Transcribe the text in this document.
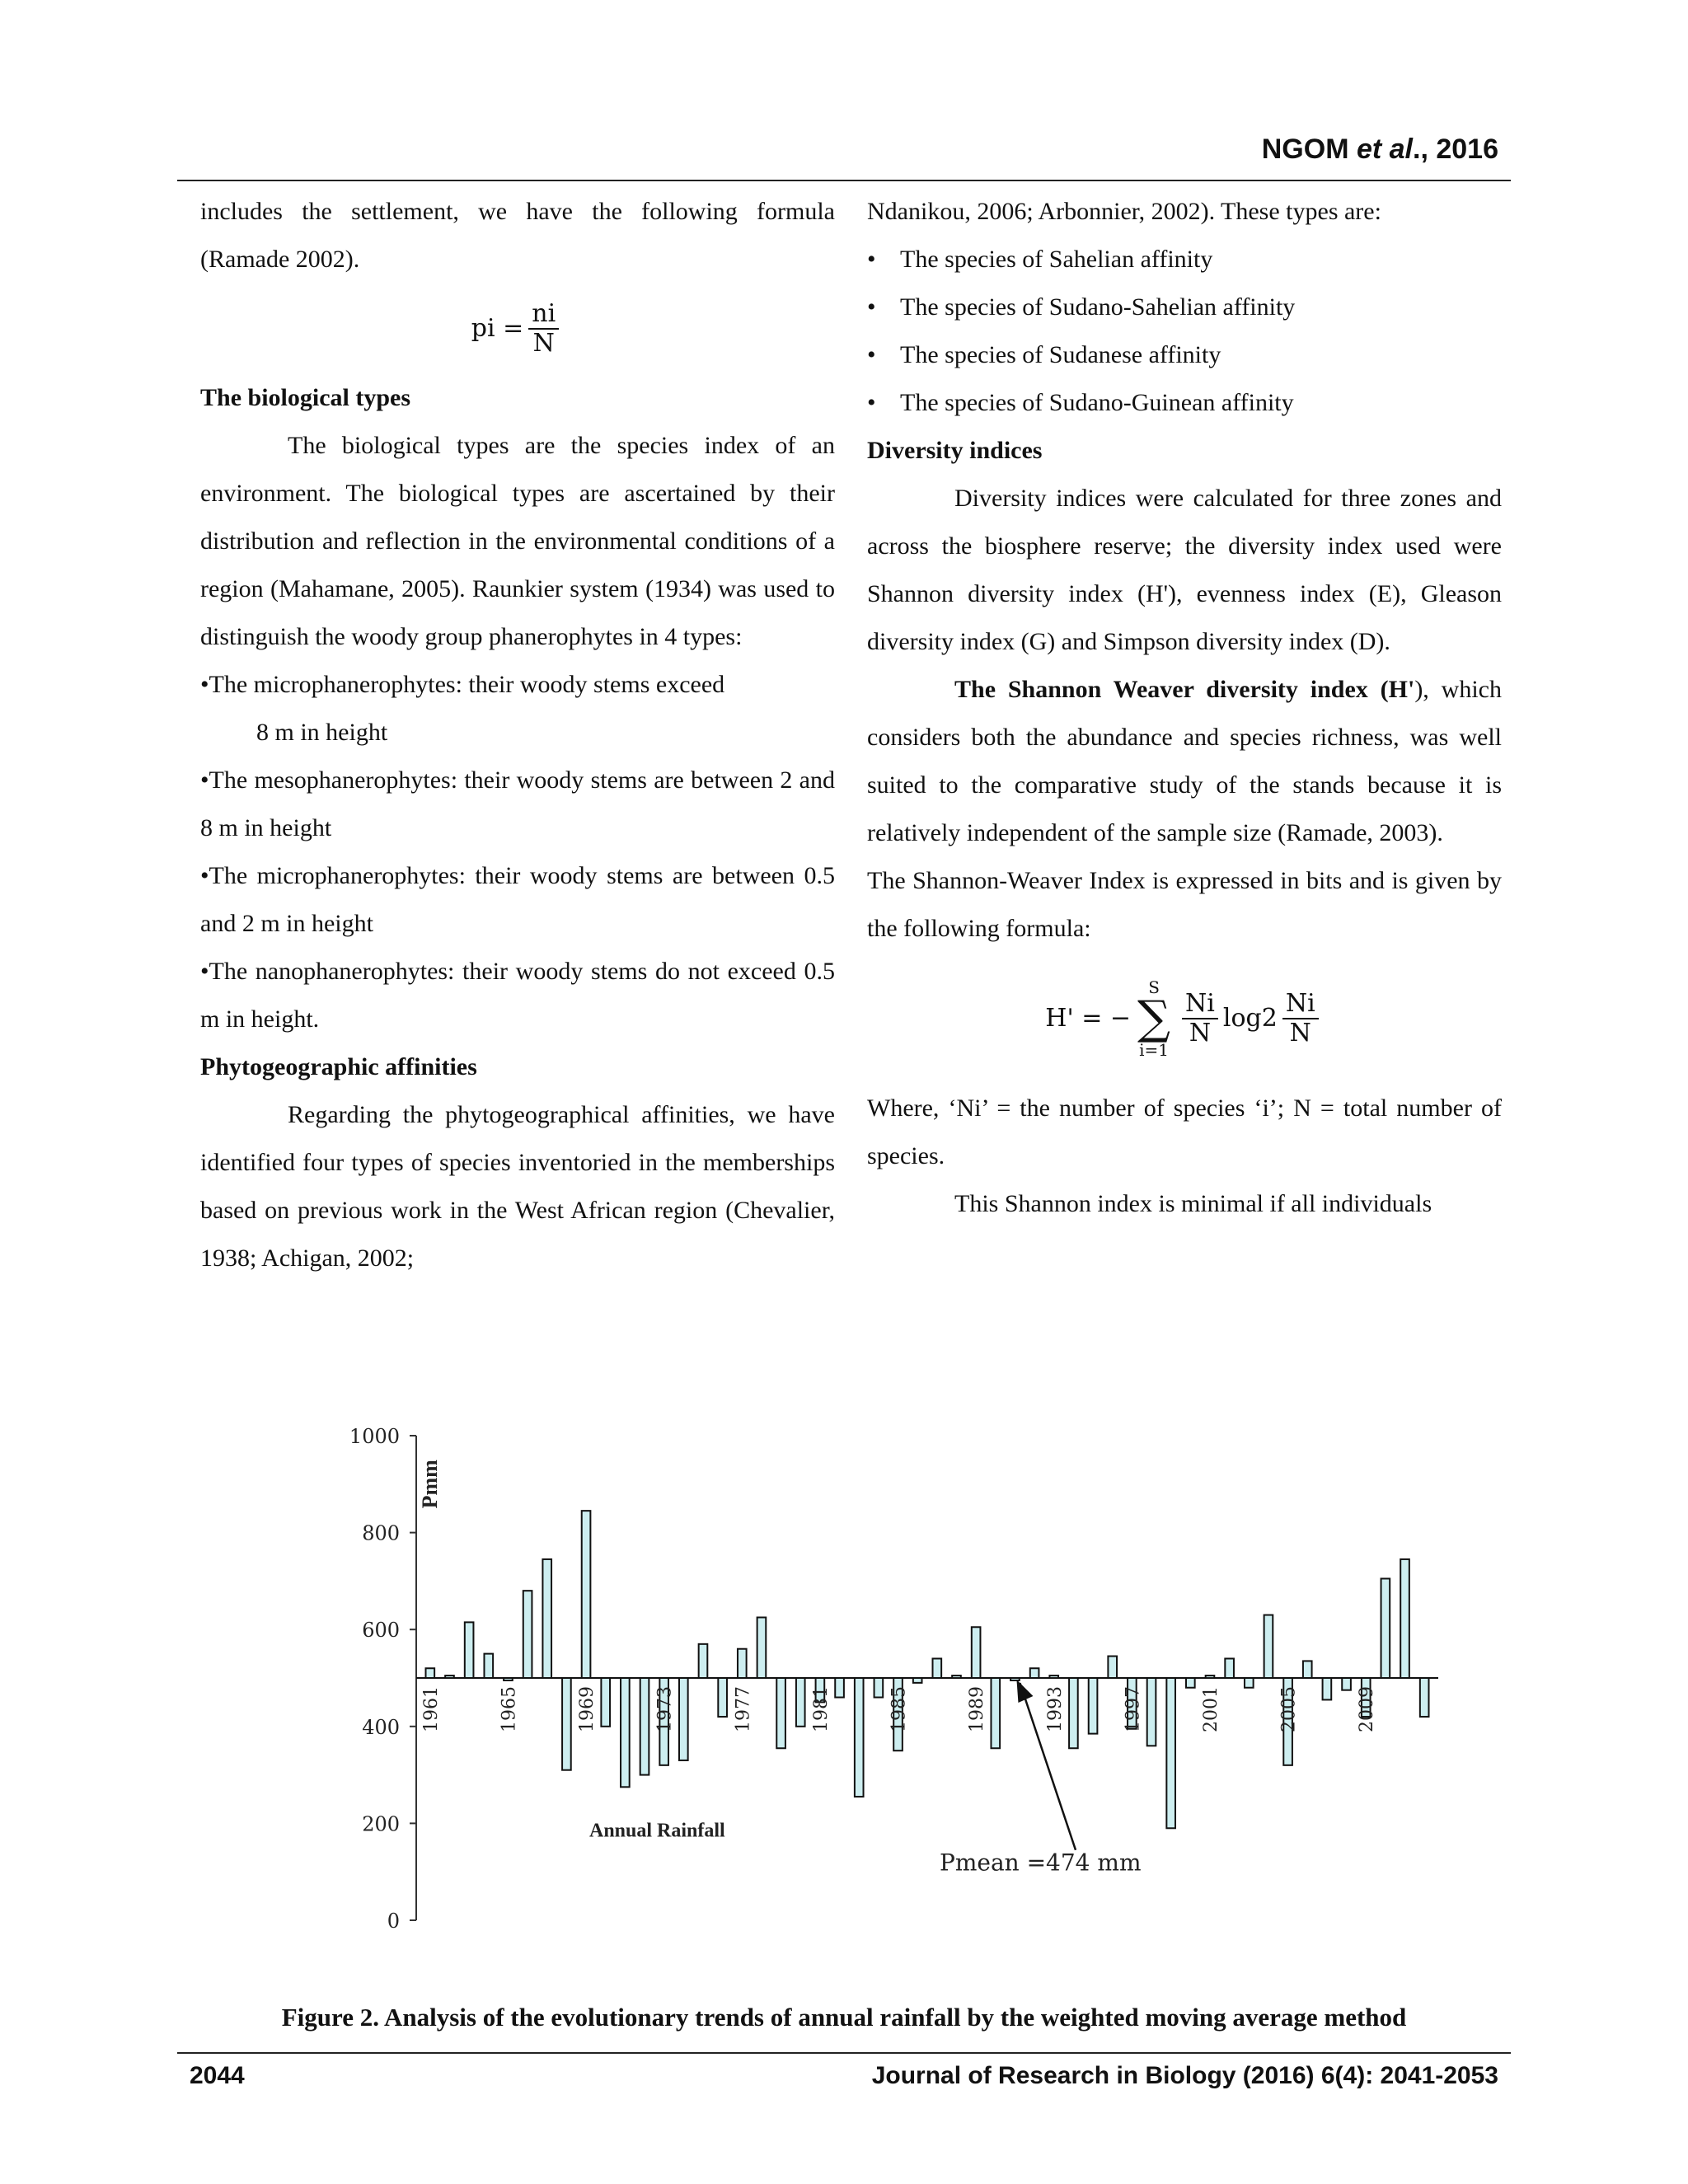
NGOM et al., 2016

includes the settlement, we have the following formula (Ramade 2002).

pi = $\frac{ni}{N}$

The biological types

The biological types are the species index of an environment. The biological types are ascertained by their distribution and reflection in the environmental conditions of a region (Mahamane, 2005). Raunkier system (1934) was used to distinguish the woody group phanerophytes in 4 types:

•The microphanerophytes: their woody stems exceed

8 m in height

•The mesophanerophytes: their woody stems are between 2 and 8 m in height

•The microphanerophytes: their woody stems are between 0.5 and 2 m in height

•The nanophanerophytes: their woody stems do not exceed 0.5 m in height.

Phytogeographic affinities

Regarding the phytogeographical affinities, we have identified four types of species inventoried in the memberships based on previous work in the West African region (Chevalier, 1938; Achigan, 2002;

Ndanikou, 2006; Arbonnier, 2002). These types are:

• The species of Sahelian affinity
• The species of Sudano-Sahelian affinity
• The species of Sudanese affinity
• The species of Sudano-Guinean affinity

Diversity indices

Diversity indices were calculated for three zones and across the biosphere reserve; the diversity index used were Shannon diversity index (H'), evenness index (E), Gleason diversity index (G) and Simpson diversity index (D).

The Shannon Weaver diversity index (H'), which considers both the abundance and species richness, was well suited to the comparative study of the stands because it is relatively independent of the sample size (Ramade, 2003).

The Shannon-Weaver Index is expressed in bits and is given by the following formula:

H' = −
S
∑
i=1
$\frac{Ni}{N} \log 2 \frac{Ni}{N}$

Where, ‘Ni’ = the number of species ‘i’; N = total number of species.

This Shannon index is minimal if all individuals

0
200
400
600
800
1000
Pmm
1961	1965	1969	1973	1977	1981	1985	1989	1993	1997	2001	2005	2009
Annual Rainfall
Pmean =474 mm
Figure 2. Analysis of the evolutionary trends of annual rainfall by the weighted moving average method
2044	Journal of Research in Biology (2016) 6(4): 2041-2053
